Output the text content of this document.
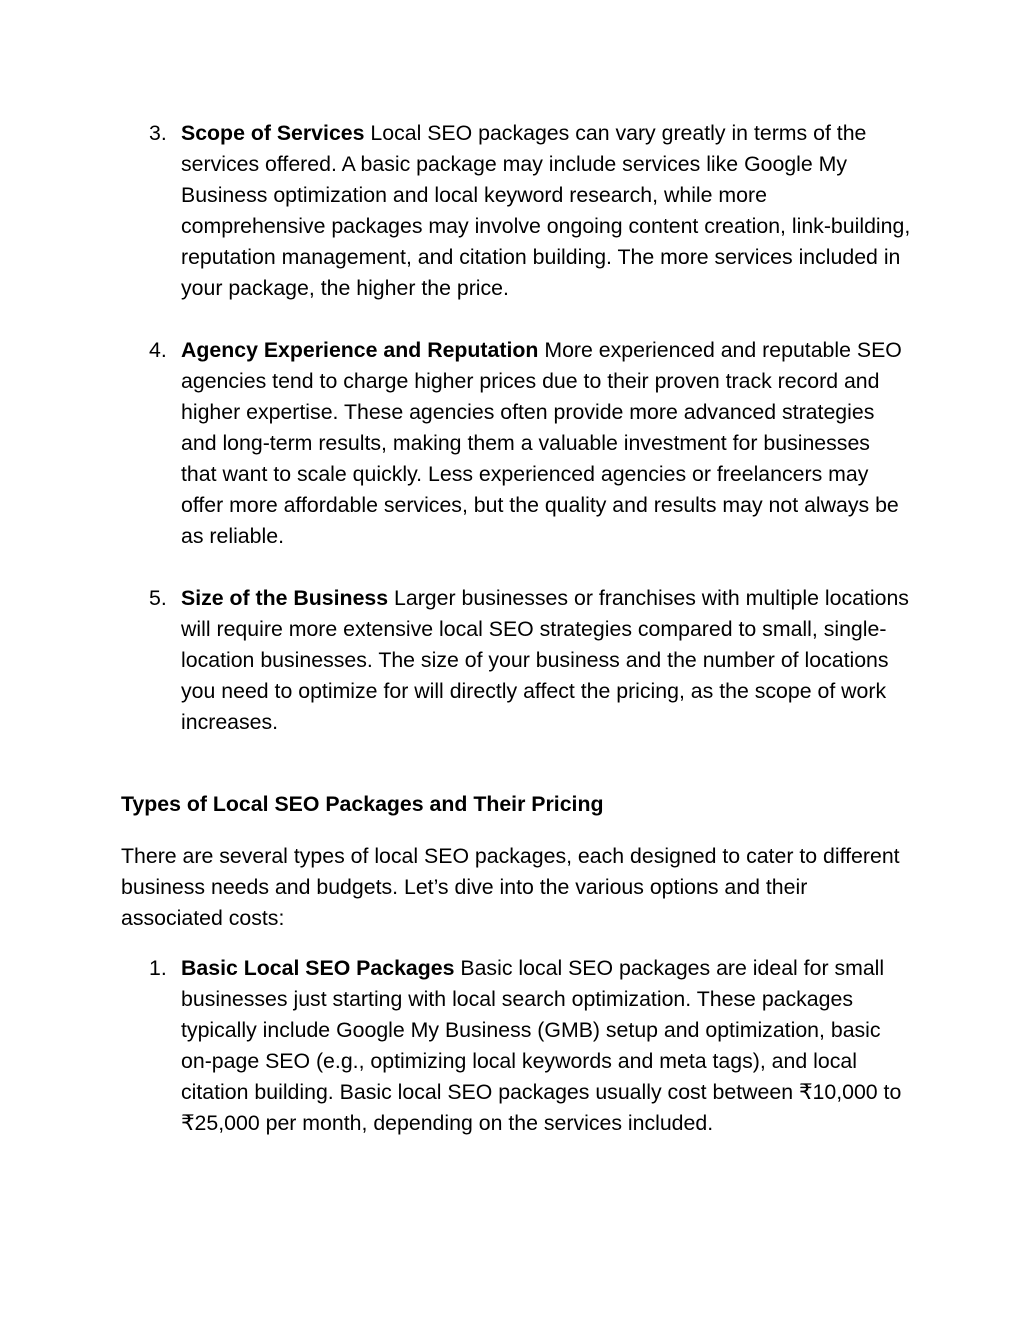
3. Scope of Services Local SEO packages can vary greatly in terms of the services offered. A basic package may include services like Google My Business optimization and local keyword research, while more comprehensive packages may involve ongoing content creation, link-building, reputation management, and citation building. The more services included in your package, the higher the price.
4. Agency Experience and Reputation More experienced and reputable SEO agencies tend to charge higher prices due to their proven track record and higher expertise. These agencies often provide more advanced strategies and long-term results, making them a valuable investment for businesses that want to scale quickly. Less experienced agencies or freelancers may offer more affordable services, but the quality and results may not always be as reliable.
5. Size of the Business Larger businesses or franchises with multiple locations will require more extensive local SEO strategies compared to small, single-location businesses. The size of your business and the number of locations you need to optimize for will directly affect the pricing, as the scope of work increases.
Types of Local SEO Packages and Their Pricing

There are several types of local SEO packages, each designed to cater to different business needs and budgets. Let’s dive into the various options and their associated costs:

1. Basic Local SEO Packages Basic local SEO packages are ideal for small businesses just starting with local search optimization. These packages typically include Google My Business (GMB) setup and optimization, basic on-page SEO (e.g., optimizing local keywords and meta tags), and local citation building. Basic local SEO packages usually cost between ₹10,000 to ₹25,000 per month, depending on the services included.
